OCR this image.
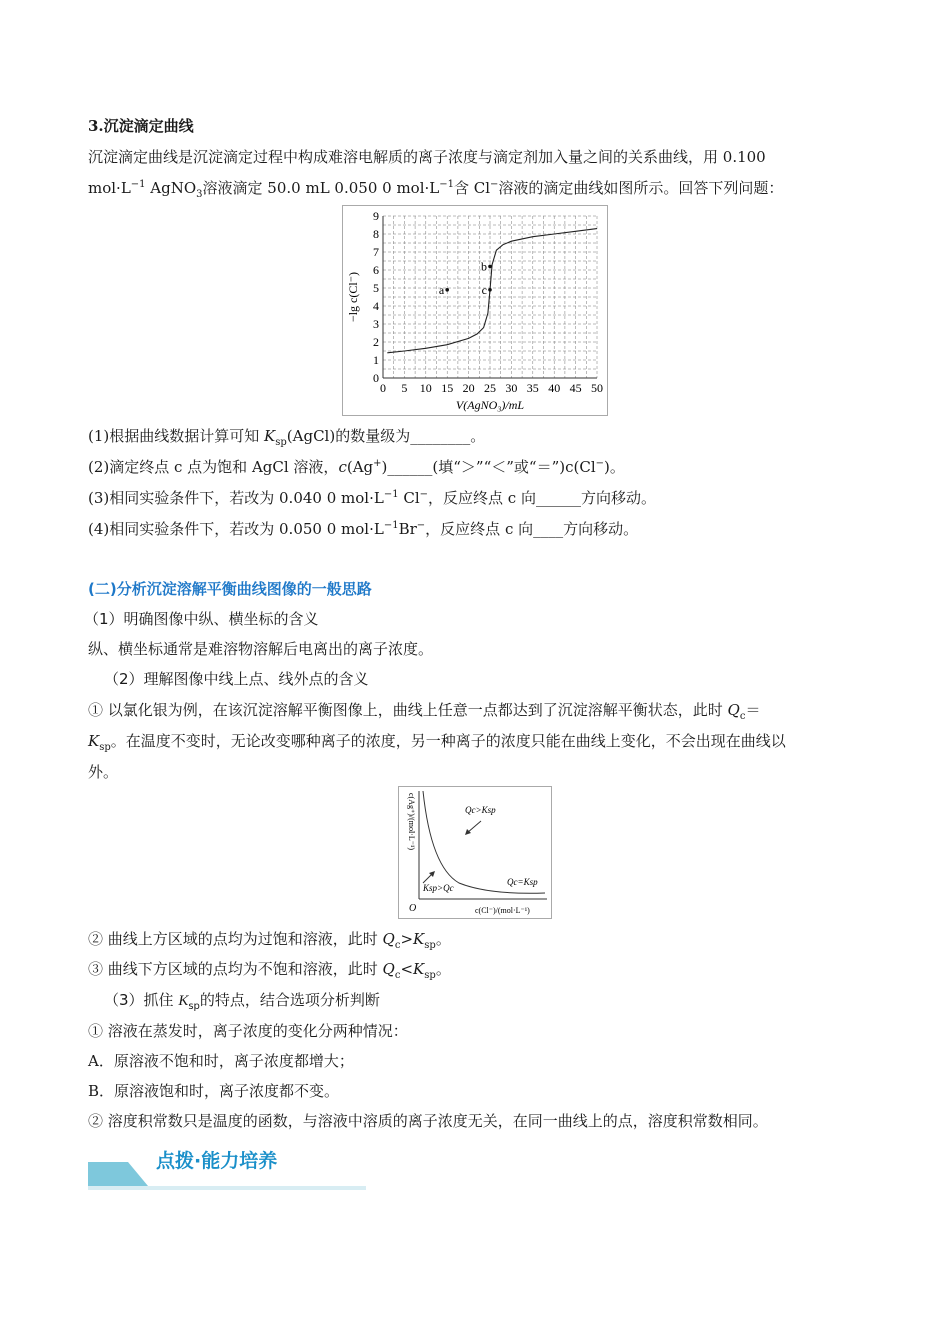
3.沉淀滴定曲线
沉淀滴定曲线是沉淀滴定过程中构成难溶电解质的离子浓度与滴定剂加入量之间的关系曲线，用 0.100
$mol\cdot L^{-1}$ AgNO$_3$溶液滴定 50.0 mL 0.050 0 $mol\cdot L^{-1}$含 Cl−溶液的滴定曲线如图所示。回答下列问题：
0 5 10 15 20 25 30 35 40 45 50
0
1
2
3
4
5
6
7
8
9
V(AgNO₃)/mL
−lg c(Cl⁻)	a
b
c
(1)根据曲线数据计算可知 $K_{sp}(AgCl)$的数量级为________。
(2)滴定终点 c 点为饱和 AgCl 溶液，c(Ag+)______(填“＞”“＜”或“＝”)c(Cl−)。
(3)相同实验条件下，若改为 0.040 0 $mol\cdot L^{-1}$ Cl−，反应终点 c 向______方向移动。
(4)相同实验条件下，若改为 0.050 0 $mol\cdot L^{-1}Br^-$，反应终点 c 向____方向移动。
(二)分析沉淀溶解平衡曲线图像的一般思路
（1）明确图像中纵、横坐标的含义
纵、横坐标通常是难溶物溶解后电离出的离子浓度。
（2）理解图像中线上点、线外点的含义
① 以氯化银为例，在该沉淀溶解平衡图像上，曲线上任意一点都达到了沉淀溶解平衡状态，此时 $Q_c=$
$K_{sp}$。在温度不变时，无论改变哪种离子的浓度，另一种离子的浓度只能在曲线上变化，不会出现在曲线以
外。
Qc>Ksp
Qc=Ksp
Ksp>Qc
O	c(Cl⁻)/(mol·L⁻¹)
c(Ag⁺)/(mol·L⁻¹)
② 曲线上方区域的点均为过饱和溶液，此时 $Q_c>K_{sp}$。
③ 曲线下方区域的点均为不饱和溶液，此时 $Q_c<K_{sp}$。
（3）抓住 $K_{sp}$的特点，结合选项分析判断
① 溶液在蒸发时，离子浓度的变化分两种情况：
A．原溶液不饱和时，离子浓度都增大；
B．原溶液饱和时，离子浓度都不变。
② 溶度积常数只是温度的函数，与溶液中溶质的离子浓度无关，在同一曲线上的点，溶度积常数相同。
点拨·能力培养
